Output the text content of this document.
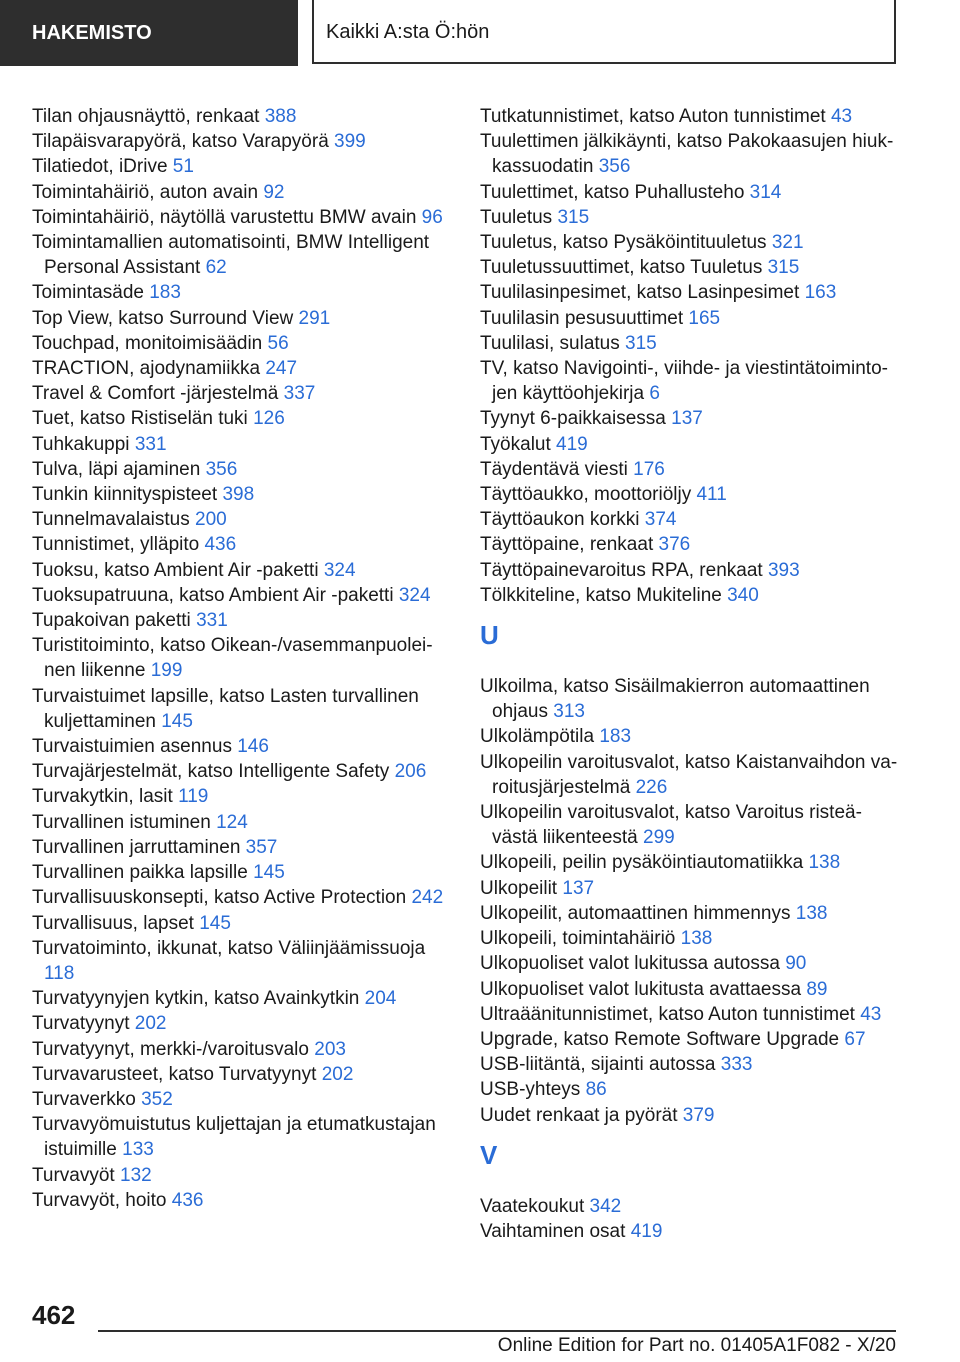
HAKEMISTO	Kaikki A:sta Ö:hön
Tilan ohjausnäyttö, renkaat 388
Tilapäisvarapyörä, katso Varapyörä 399
Tilatiedot, iDrive 51
Toimintahäiriö, auton avain 92
Toimintahäiriö, näytöllä varustettu BMW avain 96
Toimintamallien automatisointi, BMW Intelligent Personal Assistant 62
Toimintasäde 183
Top View, katso Surround View 291
Touchpad, monitoimisäädin 56
TRACTION, ajodynamiikka 247
Travel & Comfort -järjestelmä 337
Tuet, katso Ristiselän tuki 126
Tuhkakuppi 331
Tulva, läpi ajaminen 356
Tunkin kiinnityspisteet 398
Tunnelmavalaistus 200
Tunnistimet, ylläpito 436
Tuoksu, katso Ambient Air -paketti 324
Tuoksupatruuna, katso Ambient Air -paketti 324
Tupakoivan paketti 331
Turistitoiminto, katso Oikean-/vasemmanpuoleinen liikenne 199
Turvaistuimet lapsille, katso Lasten turvallinen kuljettaminen 145
Turvaistuimien asennus 146
Turvajärjestelmät, katso Intelligente Safety 206
Turvakytkin, lasit 119
Turvallinen istuminen 124
Turvallinen jarruttaminen 357
Turvallinen paikka lapsille 145
Turvallisuuskonsepti, katso Active Protection 242
Turvallisuus, lapset 145
Turvatoiminto, ikkunat, katso Väliinjäämissuoja 118
Turvatyynyjen kytkin, katso Avainkytkin 204
Turvatyynyt 202
Turvatyynyt, merkki-/varoitusvalo 203
Turvavarusteet, katso Turvatyynyt 202
Turvaverkko 352
Turvavyömuistutus kuljettajan ja etumatkustajan istuimille 133
Turvavyöt 132
Turvavyöt, hoito 436
Tutkatunnistimet, katso Auton tunnistimet 43
Tuulettimen jälkikäynti, katso Pakokaasujen hiukkassuodatin 356
Tuulettimet, katso Puhallusteho 314
Tuuletus 315
Tuuletus, katso Pysäköintituuletus 321
Tuuletussuuttimet, katso Tuuletus 315
Tuulilasinpesimet, katso Lasinpesimet 163
Tuulilasin pesusuuttimet 165
Tuulilasi, sulatus 315
TV, katso Navigointi-, viihde- ja viestintätoimintojen käyttöohjekirja 6
Tyynyt 6-paikkaisessa 137
Työkalut 419
Täydentävä viesti 176
Täyttöaukko, moottoriöljy 411
Täyttöaukon korkki 374
Täyttöpaine, renkaat 376
Täyttöpainevaroitus RPA, renkaat 393
Tölkkiteline, katso Mukiteline 340
U
Ulkoilma, katso Sisäilmakierron automaattinen ohjaus 313
Ulkolämpötila 183
Ulkopeilin varoitusvalot, katso Kaistanvaihdon varoitusjärjestelmä 226
Ulkopeilin varoitusvalot, katso Varoitus risteävästä liikenteestä 299
Ulkopeili, peilin pysäköintiautomatiikka 138
Ulkopeilit 137
Ulkopeilit, automaattinen himmennys 138
Ulkopeili, toimintahäiriö 138
Ulkopuoliset valot lukitussa autossa 90
Ulkopuoliset valot lukitusta avattaessa 89
Ultraäänitunnistimet, katso Auton tunnistimet 43
Upgrade, katso Remote Software Upgrade 67
USB-liitäntä, sijainti autossa 333
USB-yhteys 86
Uudet renkaat ja pyörät 379
V
Vaatekoukut 342
Vaihtaminen osat 419
462
Online Edition for Part no. 01405A1F082 - X/20
